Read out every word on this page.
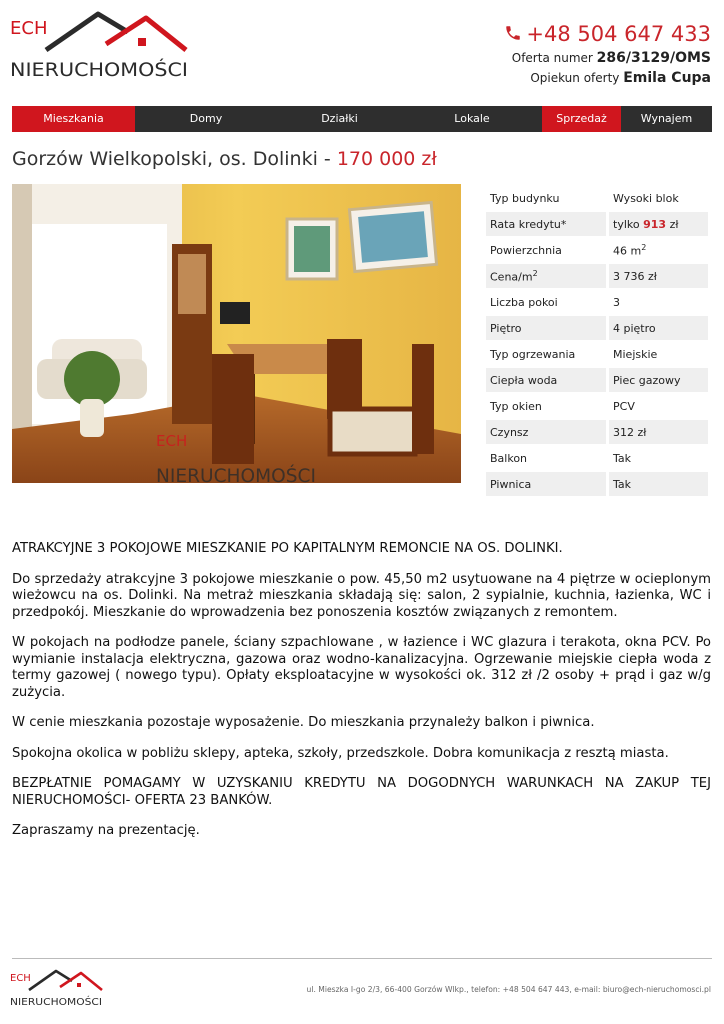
ECH
NIERUCHOMOŚCI
+48 504 647 433
Oferta numer 286/3129/OMS
Opiekun oferty Emila Cupa
Mieszkania	Domy	Działki	Lokale	Sprzedaż	Wynajem
Gorzów Wielkopolski, os. Dolinki - 170 000 zł
ECH
NIERUCHOMOŚCI
Typ budynku	Wysoki blok
Rata kredytu*	tylko 913 zł
Powierzchnia	46 $m^2$
Cena/$m^2$	3 736 zł
Liczba pokoi	3
Piętro	4 piętro
Typ ogrzewania	Miejskie
Ciepła woda	Piec gazowy
Typ okien	PCV
Czynsz	312 zł
Balkon	Tak
Piwnica	Tak

ATRAKCYJNE 3 POKOJOWE MIESZKANIE PO KAPITALNYM REMONCIE NA OS. DOLINKI.

Do sprzedaży atrakcyjne 3 pokojowe mieszkanie o pow. 45,50 m2 usytuowane na 4 piętrze w ocieplonym wieżowcu na os. Dolinki. Na metraż mieszkania składają się: salon, 2 sypialnie, kuchnia, łazienka, WC i przedpokój. Mieszkanie do wprowadzenia bez ponoszenia kosztów związanych z remontem.

W pokojach na podłodze panele, ściany szpachlowane , w łazience i WC glazura i terakota, okna PCV. Po wymianie instalacja elektryczna, gazowa oraz wodno-kanalizacyjna. Ogrzewanie miejskie ciepła woda z termy gazowej ( nowego typu). Opłaty eksploatacyjne w wysokości ok. 312 zł /2 osoby + prąd i gaz w/g zużycia.

W cenie mieszkania pozostaje wyposażenie. Do mieszkania przynależy balkon i piwnica.

Spokojna okolica w pobliżu sklepy, apteka, szkoły, przedszkole. Dobra komunikacja z resztą miasta.

BEZPŁATNIE POMAGAMY W UZYSKANIU KREDYTU NA DOGODNYCH WARUNKACH NA ZAKUP TEJ NIERUCHOMOŚCI- OFERTA 23 BANKÓW.

Zapraszamy na prezentację.

ECH
NIERUCHOMOŚCI
ul. Mieszka I-go 2/3, 66-400 Gorzów Wlkp., telefon: +48 504 647 443, e-mail: biuro@ech-nieruchomosci.pl
